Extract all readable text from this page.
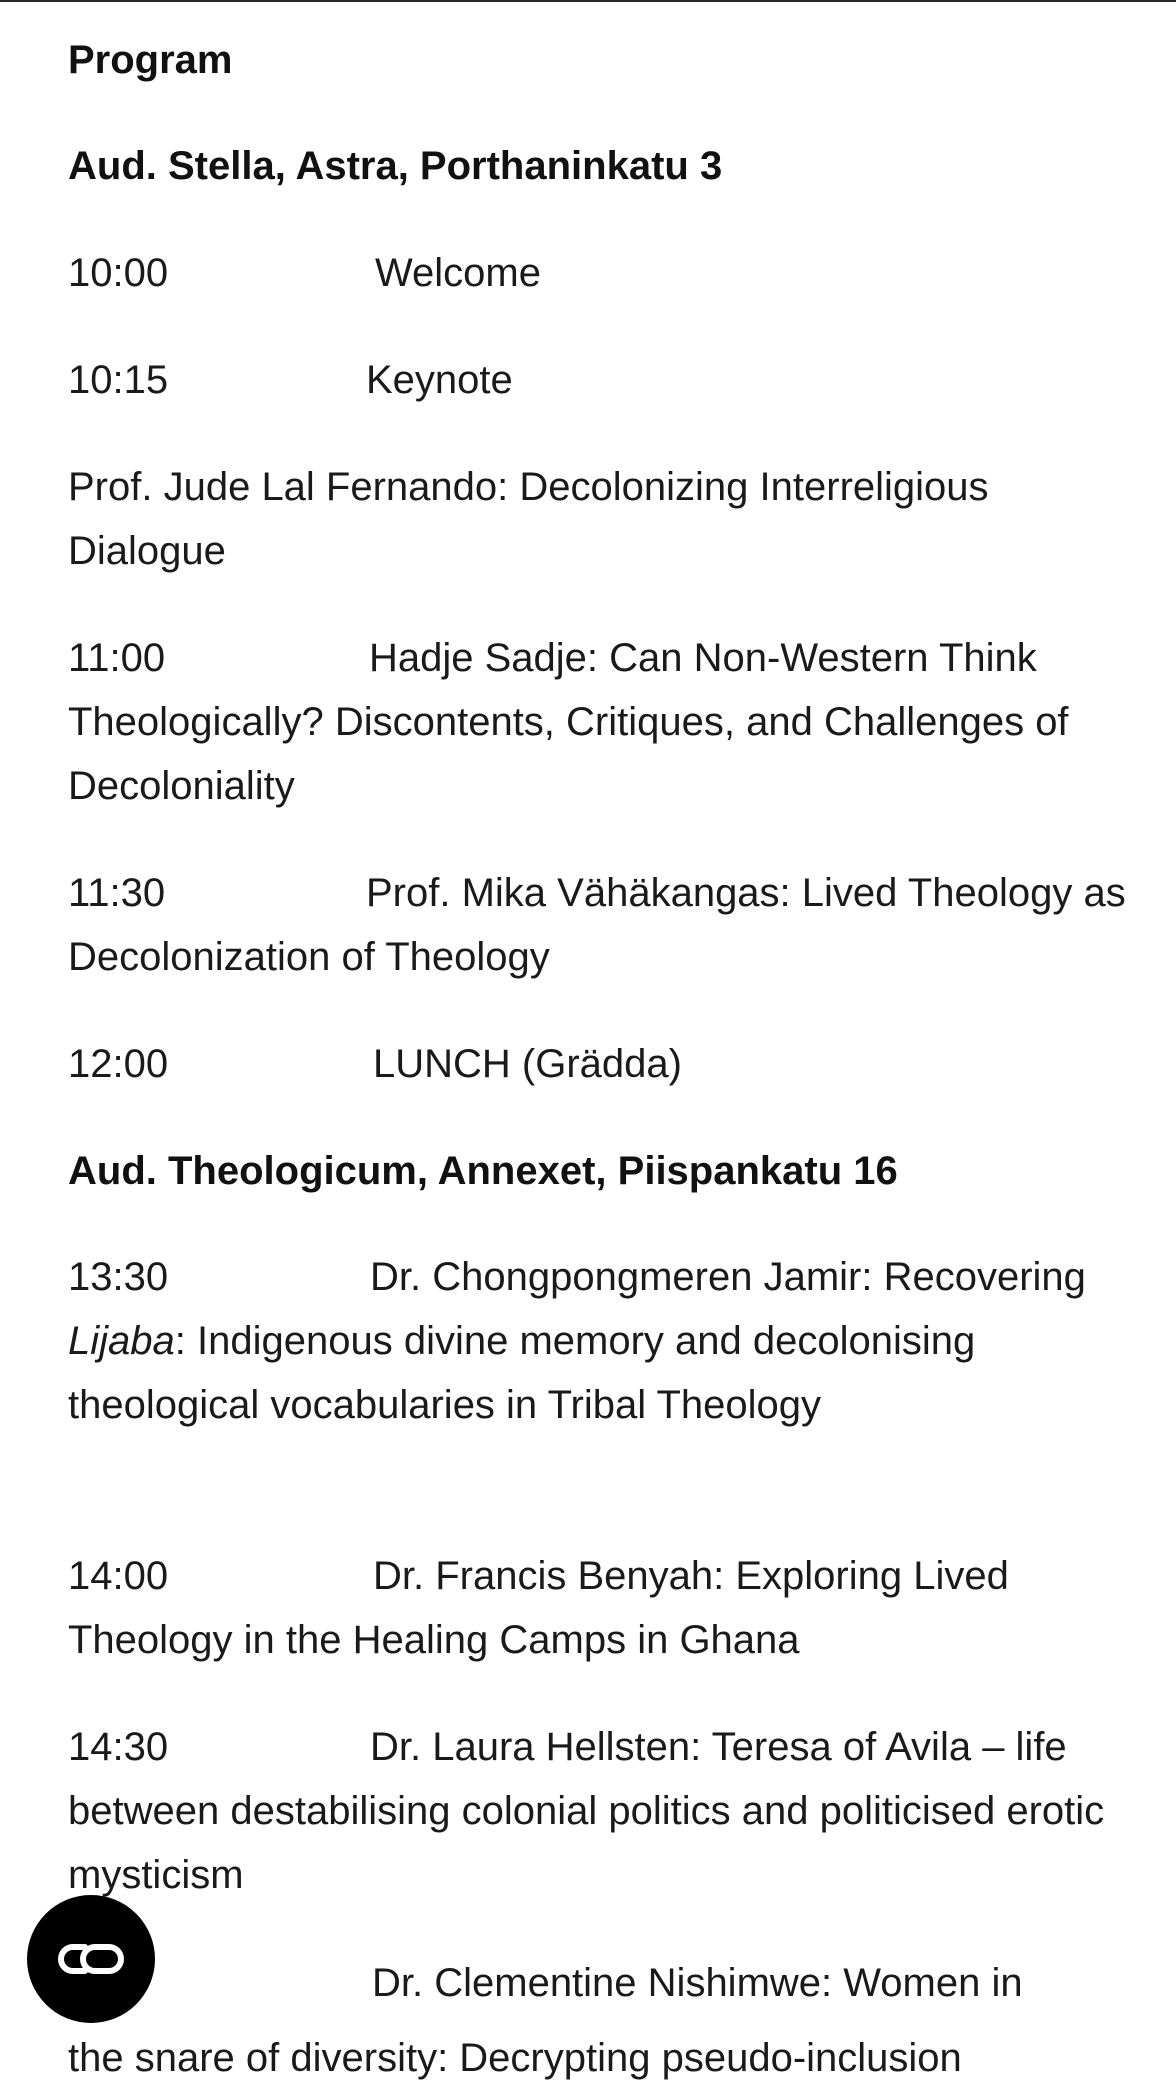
Program
Aud. Stella, Astra, Porthaninkatu 3
10:00	Welcome
10:15	Keynote
Prof. Jude Lal Fernando: Decolonizing Interreligious Dialogue
11:00	Hadje Sadje: Can Non-Western Think Theologically? Discontents, Critiques, and Challenges of Decoloniality
11:30	Prof. Mika Vähäkangas: Lived Theology as Decolonization of Theology
12:00	LUNCH (Grädda)
Aud. Theologicum, Annexet, Piispankatu 16
13:30	Dr. Chongpongmeren Jamir: Recovering Lijaba: Indigenous divine memory and decolonising theological vocabularies in Tribal Theology
14:00	Dr. Francis Benyah: Exploring Lived Theology in the Healing Camps in Ghana
14:30	Dr. Laura Hellsten: Teresa of Avila – life between destabilising colonial politics and politicised erotic mysticism
Dr. Clementine Nishimwe: Women in
the snare of diversity: Decrypting pseudo-inclusion
